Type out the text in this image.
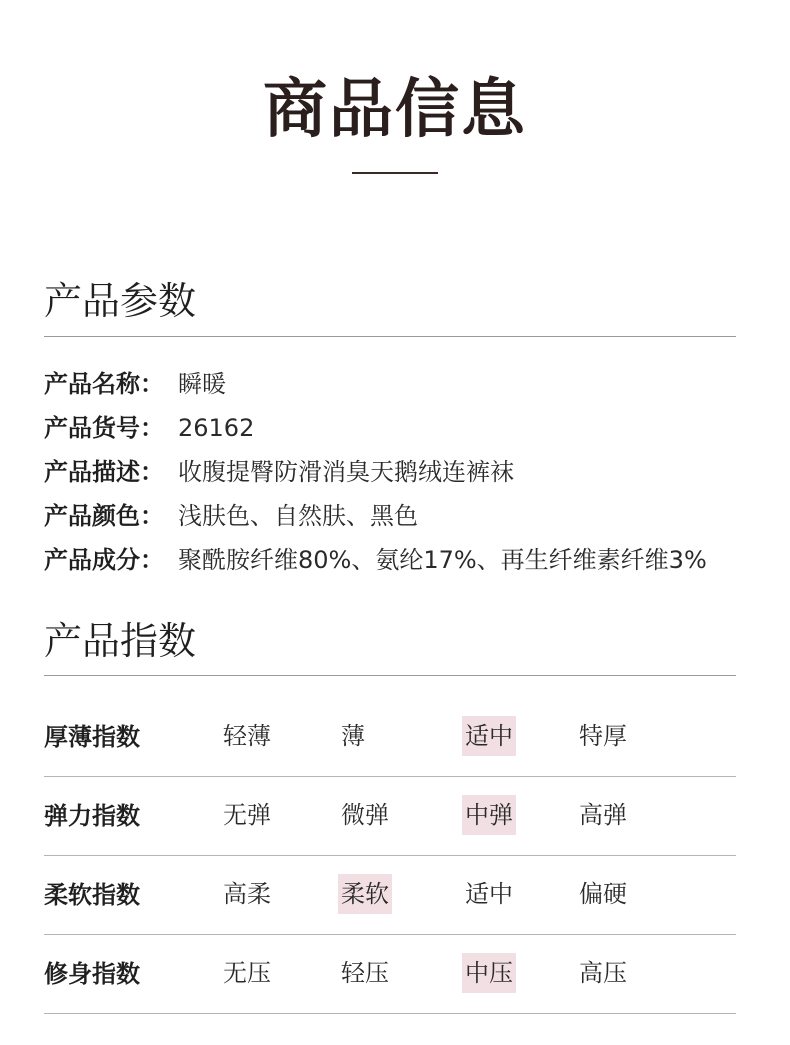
商品信息
产品参数
产品名称： 瞬暖
产品货号： 26162
产品描述： 收腹提臀防滑消臭天鹅绒连裤袜
产品颜色： 浅肤色、自然肤、黑色
产品成分： 聚酰胺纤维80%、氨纶17%、再生纤维素纤维3%
产品指数
厚薄指数	轻薄	薄	适中	特厚
弹力指数	无弹	微弹	中弹	高弹
柔软指数	高柔	柔软	适中	偏硬
修身指数	无压	轻压	中压	高压
